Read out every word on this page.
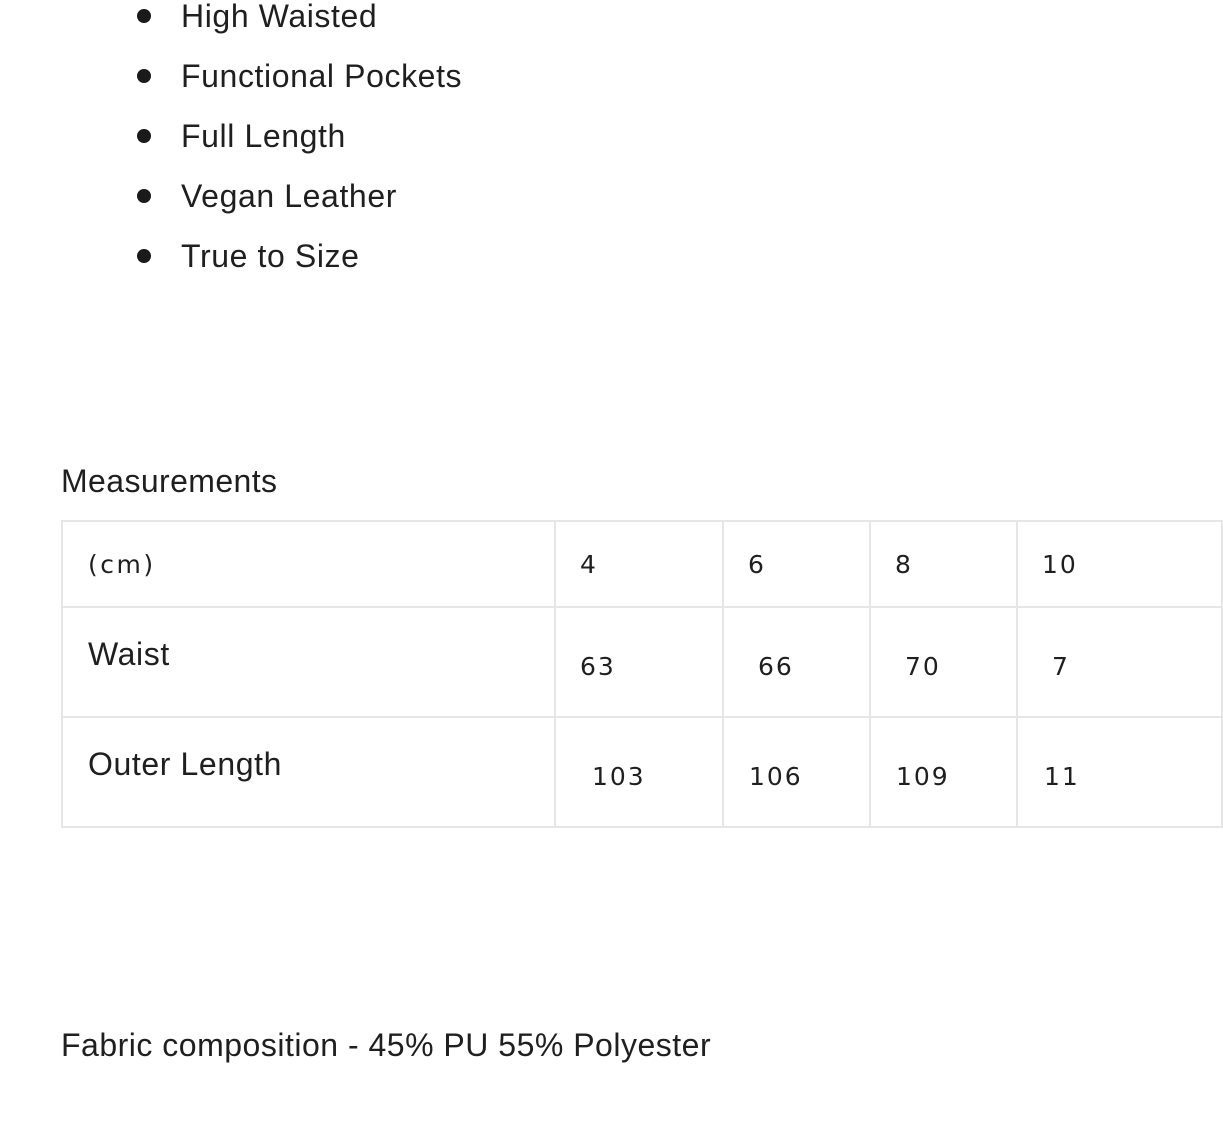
High Waisted
Functional Pockets
Full Length
Vegan Leather
True to Size
Measurements
(cm)	4	6	8	10
Waist	63	66	70	7
Outer Length	103	106	109	11
Fabric composition - 45% PU 55% Polyester
